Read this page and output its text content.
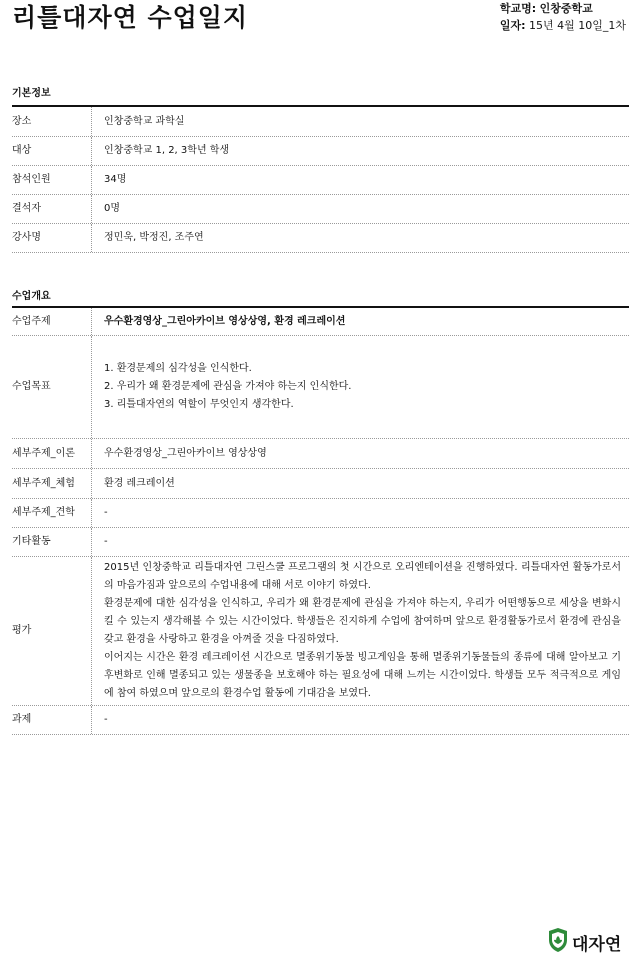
리틀대자연 수업일지	학교명: 인창중학교
일자: 15년 4월 10일_1차
기본정보
장소	인창중학교 과학실
대상	인창중학교 1, 2, 3학년 학생
참석인원	34명
결석자	0명
강사명	정민욱, 박정진, 조주연
수업개요
수업주제	우수환경영상_그린아카이브 영상상영, 환경 레크레이션
수업목표
1. 환경문제의 심각성을 인식한다.
2. 우리가 왜 환경문제에 관심을 가져야 하는지 인식한다.
3. 리틀대자연의 역할이 무엇인지 생각한다.
세부주제_이론	우수환경영상_그린아카이브 영상상영
세부주제_체험	환경 레크레이션
세부주제_견학	-
기타활동	-
평가
2015년 인창중학교 리틀대자연 그린스쿨 프로그램의 첫 시간으로 오리엔테이션을 진행하였다. 리틀대자연 활동가로서의 마음가짐과 앞으로의 수업내용에 대해 서로 이야기 하였다.
환경문제에 대한 심각성을 인식하고, 우리가 왜 환경문제에 관심을 가져야 하는지, 우리가 어떤행동으로 세상을 변화시킬 수 있는지 생각해볼 수 있는 시간이었다. 학생들은 진지하게 수업에 참여하며 앞으로 환경활동가로서 환경에 관심을 갖고 환경을 사랑하고 환경을 아껴줄 것을 다짐하였다.
이어지는 시간은 환경 레크레이션 시간으로 멸종위기동물 빙고게임을 통해 멸종위기동물들의 종류에 대해 알아보고 기후변화로 인해 멸종되고 있는 생물종을 보호해야 하는 필요성에 대해 느끼는 시간이었다. 학생들 모두 적극적으로 게임에 참여 하였으며 앞으로의 환경수업 활동에 기대감을 보였다.
과제	-
대자연
